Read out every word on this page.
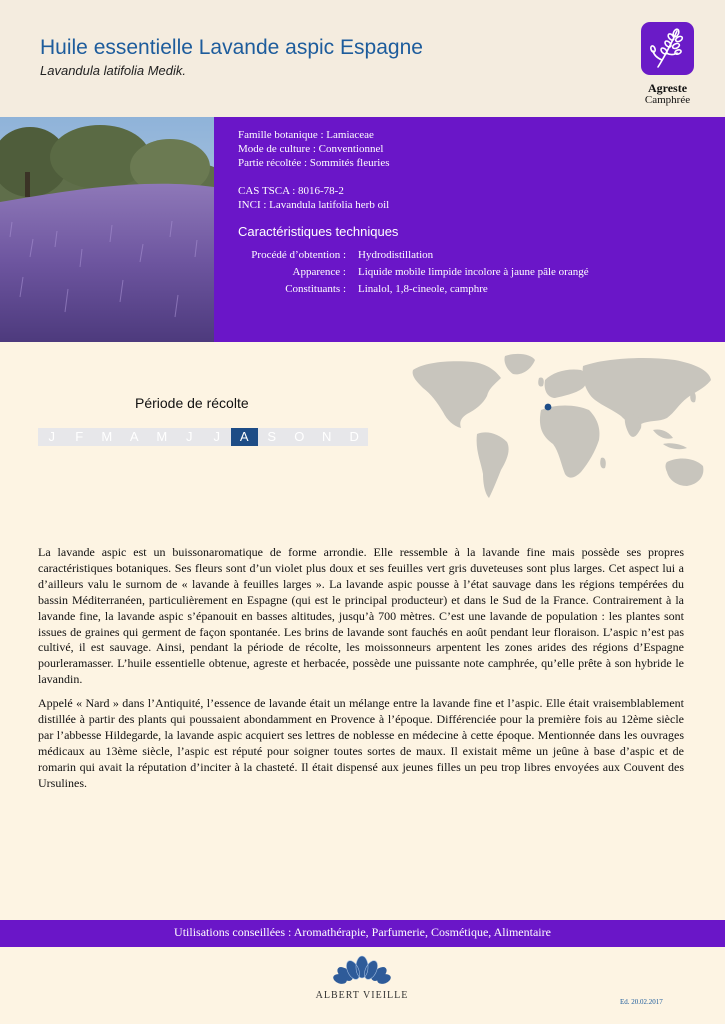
Huile essentielle Lavande aspic Espagne
Lavandula latifolia Medik.
Agreste
Camphrée
Famille botanique : Lamiaceae
Mode de culture : Conventionnel
Partie récoltée : Sommités fleuries
CAS TSCA : 8016-78-2
INCI : Lavandula latifolia herb oil
Caractéristiques techniques
Procédé d’obtention : Hydrodistillation
Apparence : Liquide mobile limpide incolore à jaune pâle orangé
Constituants : Linalol, 1,8-cineole, camphre
Période de récolte
J	F	M	A	M	J	J	A	S	O	N	D

La lavande aspic est un buissonaromatique de forme arrondie. Elle ressemble à la lavande fine mais possède ses propres caractéristiques botaniques. Ses fleurs sont d’un violet plus doux et ses feuilles vert gris duveteuses sont plus larges. Cet aspect lui a d’ailleurs valu le surnom de « lavande à feuilles larges ». La lavande aspic pousse à l’état sauvage dans les régions tempérées du bassin Méditerranéen, particulièrement en Espagne (qui est le principal producteur) et dans le Sud de la France. Contrairement à la lavande fine, la lavande aspic s’épanouit en basses altitudes, jusqu’à 700 mètres. C’est une lavande de population : les plantes sont issues de graines qui germent de façon spontanée. Les brins de lavande sont fauchés en août pendant leur floraison. L’aspic n’est pas cultivé, il est sauvage. Ainsi, pendant la période de récolte, les moissonneurs arpentent les zones arides des régions d’Espagne pourleramasser. L’huile essentielle obtenue, agreste et herbacée, possède une puissante note camphrée, qu’elle prête à son hybride le lavandin.

Appelé « Nard » dans l’Antiquité, l’essence de lavande était un mélange entre la lavande fine et l’aspic. Elle était vraisemblablement distillée à partir des plants qui poussaient abondamment en Provence à l’époque. Différenciée pour la première fois au 12ème siècle par l’abbesse Hildegarde, la lavande aspic acquiert ses lettres de noblesse en médecine à cette époque. Mentionnée dans les ouvrages médicaux au 13ème siècle, l’aspic est réputé pour soigner toutes sortes de maux. Il existait même un jeûne à base d’aspic et de romarin qui avait la réputation d’inciter à la chasteté. Il était dispensé aux jeunes filles un peu trop libres envoyées aux Couvent des Ursulines.

Utilisations conseillées : Aromathérapie, Parfumerie, Cosmétique, Alimentaire
ALBERT VIEILLE
Ed. 20.02.2017
